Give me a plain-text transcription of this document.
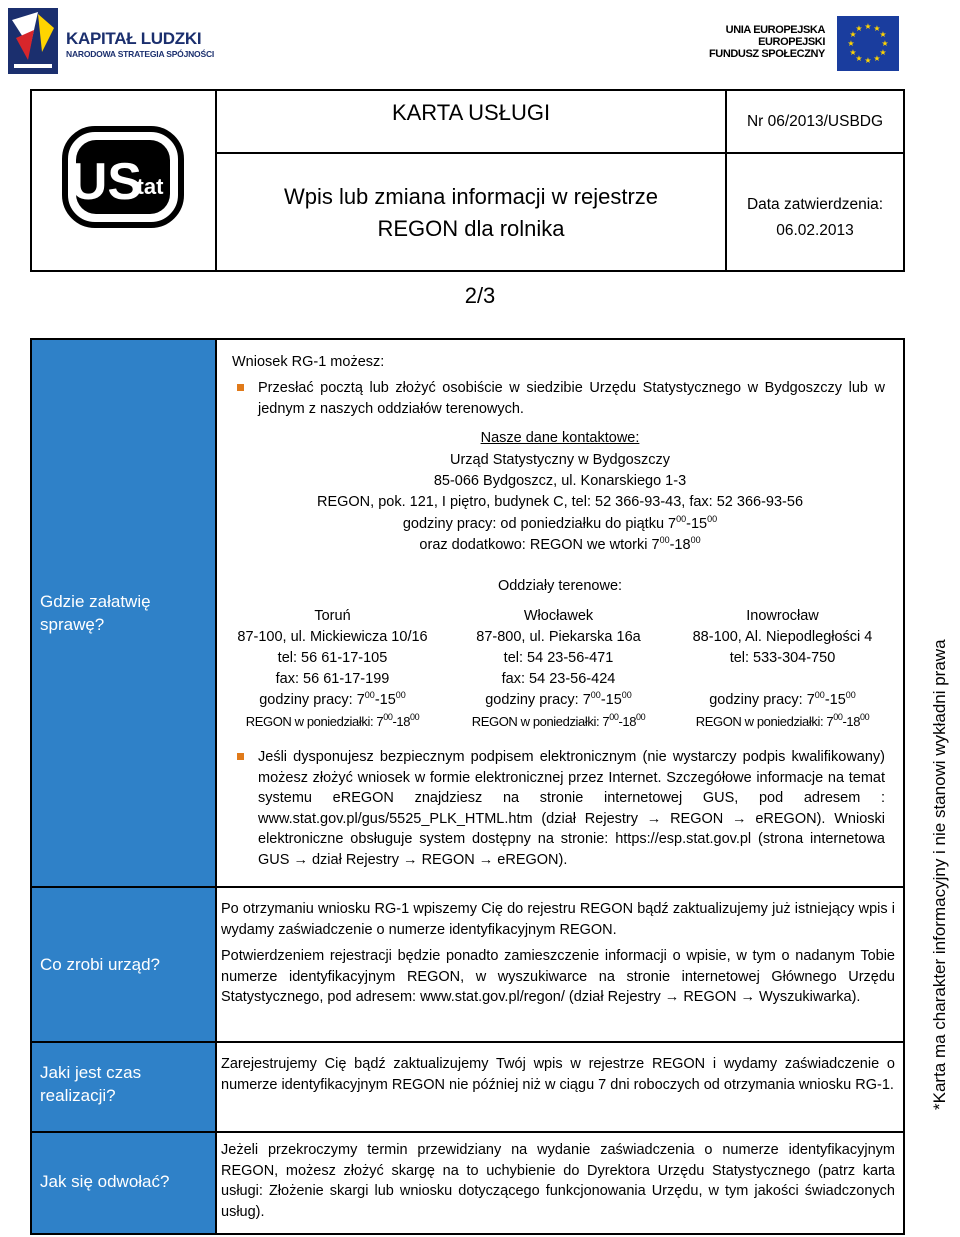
KAPITAŁ LUDZKI
NARODOWA STRATEGIA SPÓJNOŚCI
UNIA EUROPEJSKA
EUROPEJSKI
FUNDUSZ SPOŁECZNY
★ ★
★
★
★
★
★
★
★
★
★
★
US
tat
KARTA USŁUGI	Nr 06/2013/USBDG
Wpis lub zmiana informacji w rejestrze
REGON dla rolnika
Data zatwierdzenia:
06.02.2013
2/3
Gdzie załatwię sprawę?
Co zrobi urząd?
Jaki jest czas realizacji?
Jak się odwołać?
Wniosek RG-1 możesz:
Przesłać pocztą lub złożyć osobiście w siedzibie Urzędu Statystycznego w Bydgoszczy lub w jednym z naszych oddziałów terenowych.
Nasze dane kontaktowe:
Urząd Statystyczny w Bydgoszczy
85-066 Bydgoszcz, ul. Konarskiego 1-3
REGON, pok. 121, I piętro, budynek C, tel: 52 366-93-43, fax: 52 366-93-56
godziny pracy: od poniedziałku do piątku $7^{00}-15^{00}$
oraz dodatkowo: REGON we wtorki $7^{00}-18^{00}$
Oddziały terenowe:
Toruń
87-100, ul. Mickiewicza 10/16
tel: 56 61-17-105
fax: 56 61-17-199
godziny pracy: $7^{00}-15^{00}$
REGON w poniedziałki: $7^{00}-18^{00}$
Włocławek
87-800, ul. Piekarska 16a
tel: 54 23-56-471
fax: 54 23-56-424
godziny pracy: $7^{00}-15^{00}$
REGON w poniedziałki: $7^{00}-18^{00}$
Inowrocław
88-100, Al. Niepodległości 4
tel: 533-304-750
godziny pracy: $7^{00}-15^{00}$
REGON w poniedziałki: $7^{00}-18^{00}$
Jeśli dysponujesz bezpiecznym podpisem elektronicznym (nie wystarczy podpis kwalifikowany) możesz złożyć wniosek w formie elektronicznej przez Internet. Szczegółowe informacje na temat systemu eREGON znajdziesz na stronie internetowej GUS, pod adresem : www.stat.gov.pl/gus/5525_PLK_HTML.htm (dział Rejestry → REGON → eREGON). Wnioski elektroniczne obsługuje system dostępny na stronie: https://esp.stat.gov.pl (strona internetowa GUS → dział Rejestry → REGON → eREGON).
Po otrzymaniu wniosku RG-1 wpiszemy Cię do rejestru REGON bądź zaktualizujemy już istniejący wpis i wydamy zaświadczenie o numerze identyfikacyjnym REGON.
Potwierdzeniem rejestracji będzie ponadto zamieszczenie informacji o wpisie, w tym o nadanym Tobie numerze identyfikacyjnym REGON, w wyszukiwarce na stronie internetowej Głównego Urzędu Statystycznego, pod adresem: www.stat.gov.pl/regon/ (dział Rejestry → REGON → Wyszukiwarka).
Zarejestrujemy Cię bądź zaktualizujemy Twój wpis w rejestrze REGON i wydamy zaświadczenie o numerze identyfikacyjnym REGON nie później niż w ciągu 7 dni roboczych od otrzymania wniosku RG-1.
Jeżeli przekroczymy termin przewidziany na wydanie zaświadczenia o numerze identyfikacyjnym REGON, możesz złożyć skargę na to uchybienie do Dyrektora Urzędu Statystycznego (patrz karta usługi: Złożenie skargi lub wniosku dotyczącego funkcjonowania Urzędu, w tym jakości świadczonych usług).
*Karta ma charakter informacyjny i nie stanowi wykładni prawa
